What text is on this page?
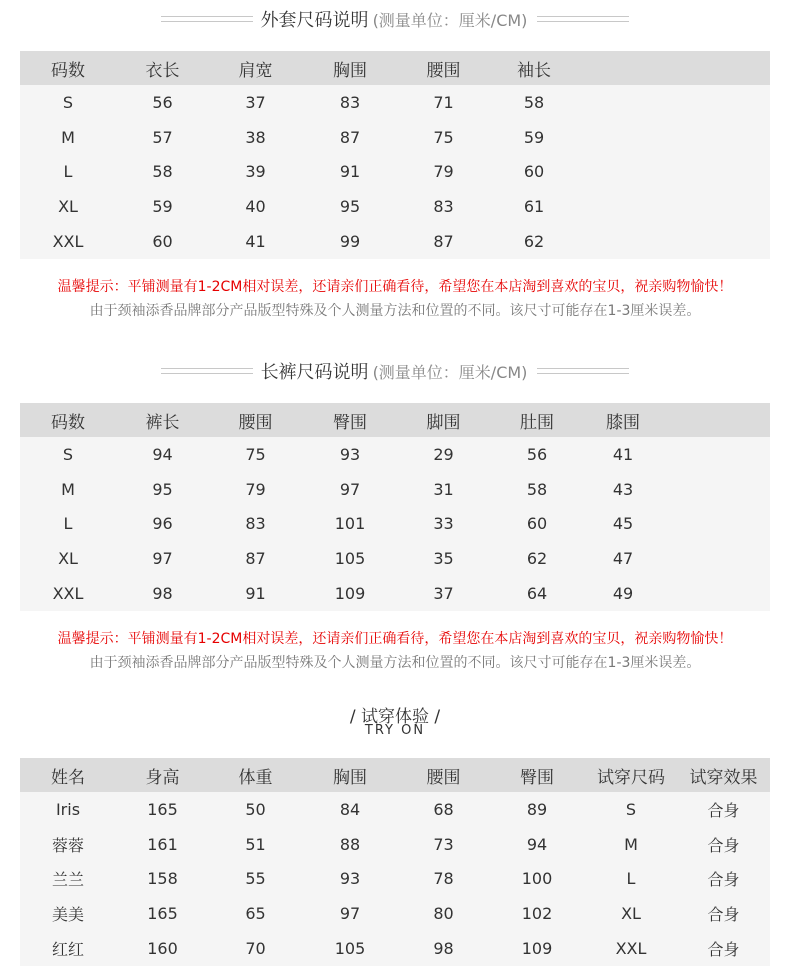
外套尺码说明 (测量单位：厘米/CM)
码数	衣长	肩宽	胸围	腰围	袖长	
S	56	37	83	71	58	
M	57	38	87	75	59	
L	58	39	91	79	60	
XL	59	40	95	83	61	
XXL	60	41	99	87	62	
温馨提示：平铺测量有1-2CM相对误差，还请亲们正确看待，希望您在本店淘到喜欢的宝贝，祝亲购物愉快！
由于颈袖添香品牌部分产品版型特殊及个人测量方法和位置的不同。该尺寸可能存在1-3厘米误差。
长裤尺码说明 (测量单位：厘米/CM)
码数	裤长	腰围	臀围	脚围	肚围	膝围	
S	94	75	93	29	56	41	
M	95	79	97	31	58	43	
L	96	83	101	33	60	45	
XL	97	87	105	35	62	47	
XXL	98	91	109	37	64	49	
温馨提示：平铺测量有1-2CM相对误差，还请亲们正确看待，希望您在本店淘到喜欢的宝贝，祝亲购物愉快！
由于颈袖添香品牌部分产品版型特殊及个人测量方法和位置的不同。该尺寸可能存在1-3厘米误差。
/ 试穿体验 /
TRY ON
姓名	身高	体重	胸围	腰围	臀围	试穿尺码	试穿效果
Iris	165	50	84	68	89	S	合身
蓉蓉	161	51	88	73	94	M	合身
兰兰	158	55	93	78	100	L	合身
美美	165	65	97	80	102	XL	合身
红红	160	70	105	98	109	XXL	合身
